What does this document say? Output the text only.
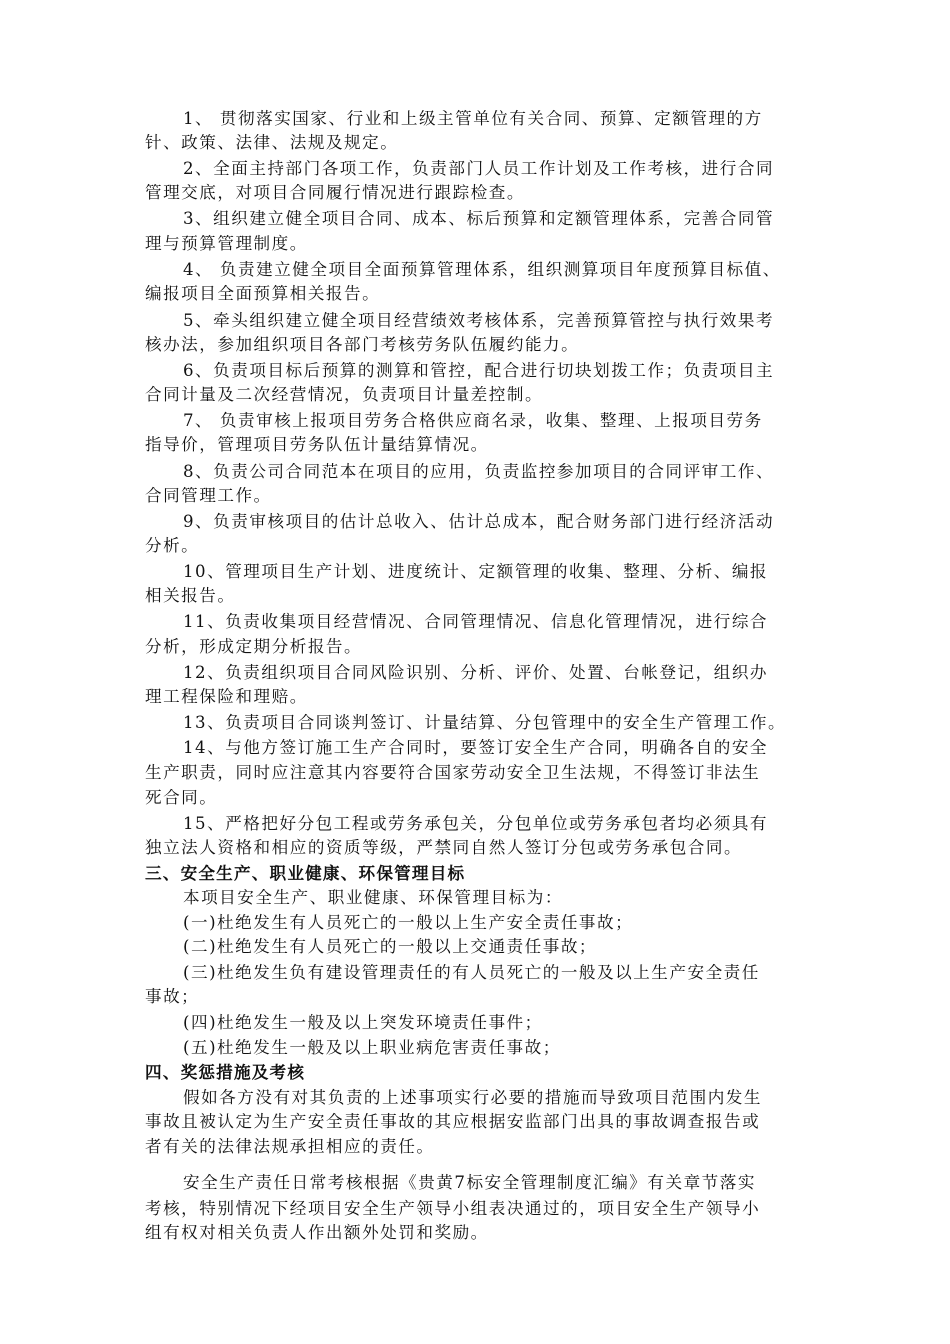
1、 贯彻落实国家、行业和上级主管单位有关合同、预算、定额管理的方
针、政策、法律、法规及规定。
2、全面主持部门各项工作，负责部门人员工作计划及工作考核，进行合同
管理交底，对项目合同履行情况进行跟踪检查。
3、组织建立健全项目合同、成本、标后预算和定额管理体系，完善合同管
理与预算管理制度。
4、 负责建立健全项目全面预算管理体系，组织测算项目年度预算目标值、
编报项目全面预算相关报告。
5、牵头组织建立健全项目经营绩效考核体系，完善预算管控与执行效果考
核办法，参加组织项目各部门考核劳务队伍履约能力。
6、负责项目标后预算的测算和管控，配合进行切块划拨工作；负责项目主
合同计量及二次经营情况，负责项目计量差控制。
7、 负责审核上报项目劳务合格供应商名录，收集、整理、上报项目劳务
指导价，管理项目劳务队伍计量结算情况。
8、负责公司合同范本在项目的应用，负责监控参加项目的合同评审工作、
合同管理工作。
9、负责审核项目的估计总收入、估计总成本，配合财务部门进行经济活动
分析。
10、管理项目生产计划、进度统计、定额管理的收集、整理、分析、编报
相关报告。
11、负责收集项目经营情况、合同管理情况、信息化管理情况，进行综合
分析，形成定期分析报告。
12、负责组织项目合同风险识别、分析、评价、处置、台帐登记，组织办
理工程保险和理赔。
13、负责项目合同谈判签订、计量结算、分包管理中的安全生产管理工作。
14、与他方签订施工生产合同时，要签订安全生产合同，明确各自的安全
生产职责，同时应注意其内容要符合国家劳动安全卫生法规，不得签订非法生
死合同。
15、严格把好分包工程或劳务承包关，分包单位或劳务承包者均必须具有
独立法人资格和相应的资质等级，严禁同自然人签订分包或劳务承包合同。
三、安全生产、职业健康、环保管理目标
本项目安全生产、职业健康、环保管理目标为：
(一)杜绝发生有人员死亡的一般以上生产安全责任事故；
(二)杜绝发生有人员死亡的一般以上交通责任事故；
(三)杜绝发生负有建设管理责任的有人员死亡的一般及以上生产安全责任
事故；
(四)杜绝发生一般及以上突发环境责任事件；
(五)杜绝发生一般及以上职业病危害责任事故；
四、奖惩措施及考核
假如各方没有对其负责的上述事项实行必要的措施而导致项目范围内发生
事故且被认定为生产安全责任事故的其应根据安监部门出具的事故调查报告或
者有关的法律法规承担相应的责任。
安全生产责任日常考核根据《贵黄7标安全管理制度汇编》有关章节落实
考核，特别情况下经项目安全生产领导小组表决通过的，项目安全生产领导小
组有权对相关负责人作出额外处罚和奖励。
